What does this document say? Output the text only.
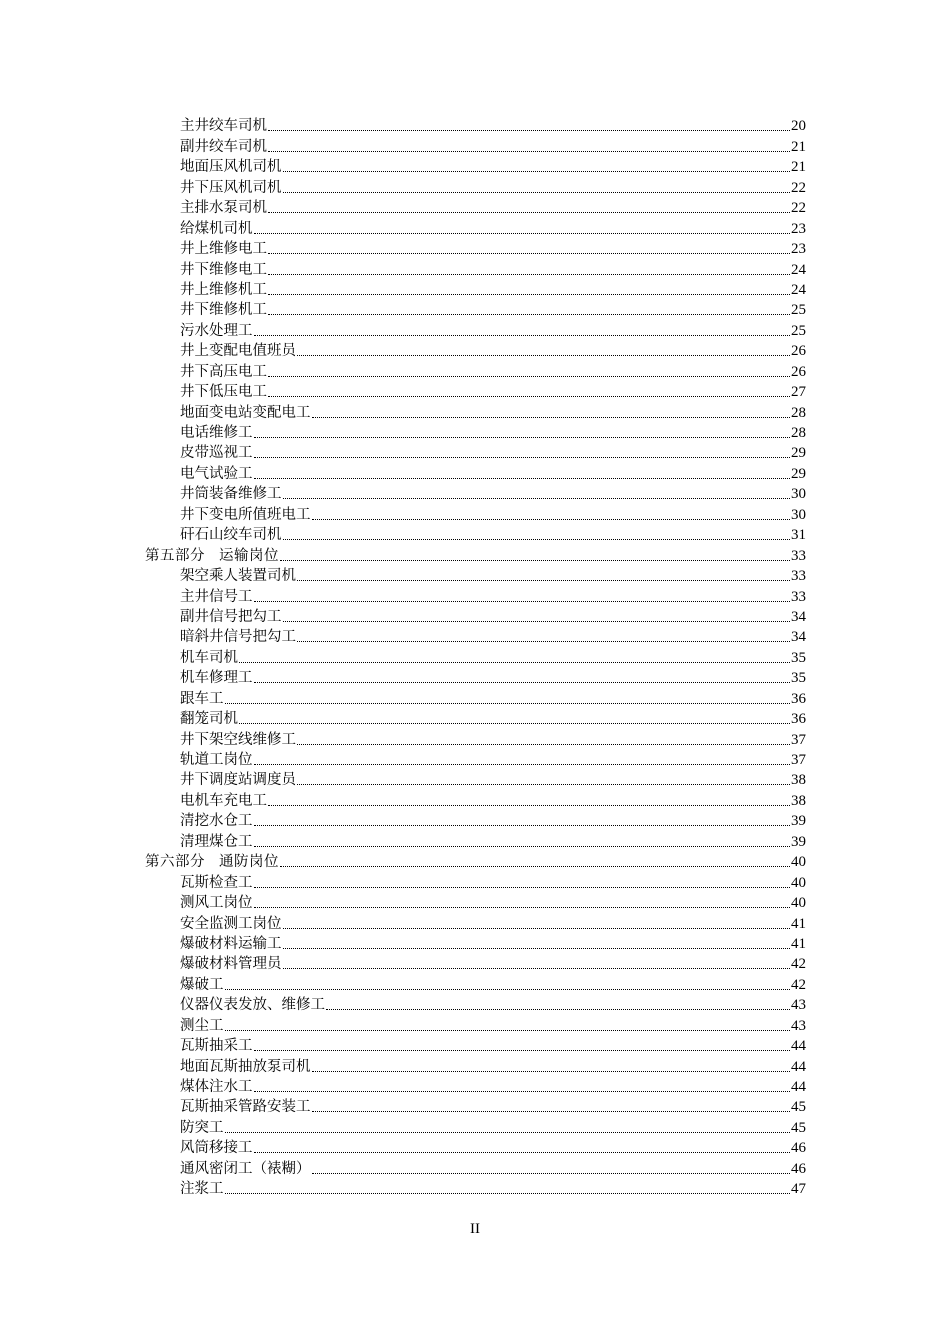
主井绞车司机	20
副井绞车司机	21
地面压风机司机	21
井下压风机司机	22
主排水泵司机	22
给煤机司机	23
井上维修电工	23
井下维修电工	24
井上维修机工	24
井下维修机工	25
污水处理工	25
井上变配电值班员	26
井下高压电工	26
井下低压电工	27
地面变电站变配电工	28
电话维修工	28
皮带巡视工	29
电气试验工	29
井筒装备维修工	30
井下变电所值班电工	30
矸石山绞车司机	31
第五部分 运输岗位	33
架空乘人装置司机	33
主井信号工	33
副井信号把勾工	34
暗斜井信号把勾工	34
机车司机	35
机车修理工	35
跟车工	36
翻笼司机	36
井下架空线维修工	37
轨道工岗位	37
井下调度站调度员	38
电机车充电工	38
清挖水仓工	39
清理煤仓工	39
第六部分 通防岗位	40
瓦斯检查工	40
测风工岗位	40
安全监测工岗位	41
爆破材料运输工	41
爆破材料管理员	42
爆破工	42
仪器仪表发放、维修工	43
测尘工	43
瓦斯抽采工	44
地面瓦斯抽放泵司机	44
煤体注水工	44
瓦斯抽采管路安装工	45
防突工	45
风筒移接工	46
通风密闭工（裱糊）	46
注浆工	47
II
